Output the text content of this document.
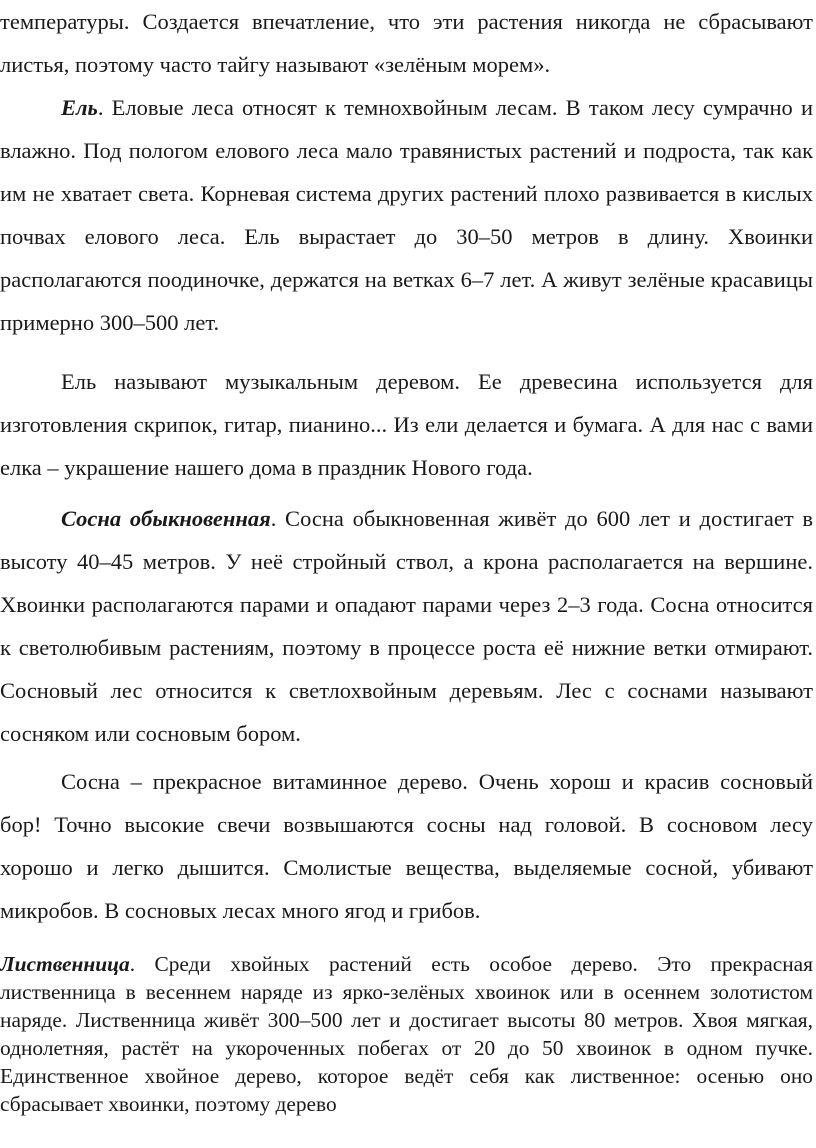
температуры. Создается впечатление, что эти растения никогда не сбрасывают листья, поэтому часто тайгу называют «зелёным морем».

Ель. Еловые леса относят к темнохвойным лесам. В таком лесу сумрачно и влажно. Под пологом елового леса мало травянистых растений и подроста, так как им не хватает света. Корневая система других растений плохо развивается в кислых почвах елового леса. Ель вырастает до 30–50 метров в длину. Хвоинки располагаются поодиночке, держатся на ветках 6–7 лет. А живут зелёные красавицы примерно 300–500 лет.

Ель называют музыкальным деревом. Ее древесина используется для изготовления скрипок, гитар, пианино... Из ели делается и бумага. А для нас с вами елка – украшение нашего дома в праздник Нового года.

Сосна обыкновенная. Сосна обыкновенная живёт до 600 лет и достигает в высоту 40–45 метров. У неё стройный ствол, а крона располагается на вершине. Хвоинки располагаются парами и опадают парами через 2–3 года. Сосна относится к светолюбивым растениям, поэтому в процессе роста её нижние ветки отмирают. Сосновый лес относится к светлохвойным деревьям. Лес с соснами называют сосняком или сосновым бором.

Сосна – прекрасное витаминное дерево. Очень хорош и красив сосновый бор! Точно высокие свечи возвышаются сосны над головой. В сосновом лесу хорошо и легко дышится. Смолистые вещества, выделяемые сосной, убивают микробов. В сосновых лесах много ягод и грибов.

Лиственница. Среди хвойных растений есть особое дерево. Это прекрасная лиственница в весеннем наряде из ярко-зелёных хвоинок или в осеннем золотистом наряде. Лиственница живёт 300–500 лет и достигает высоты 80 метров. Хвоя мягкая, однолетняя, растёт на укороченных побегах от 20 до 50 хвоинок в одном пучке. Единственное хвойное дерево, которое ведёт себя как лиственное: осенью оно сбрасывает хвоинки, поэтому дерево
